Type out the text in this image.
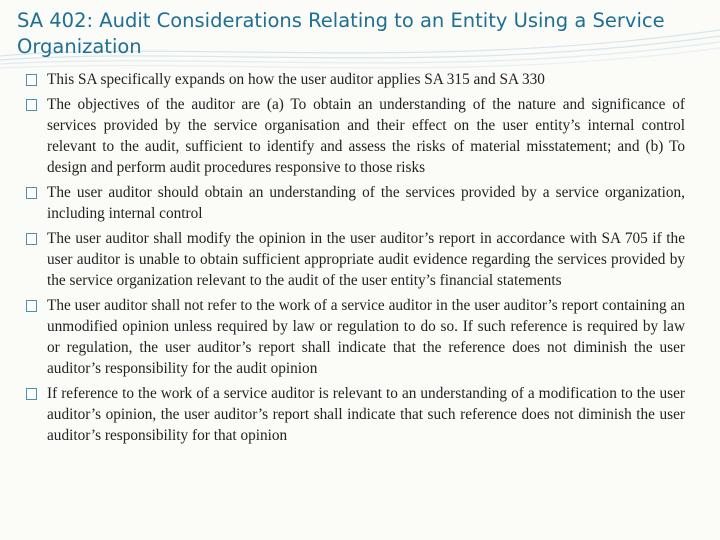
SA 402: Audit Considerations Relating to an Entity Using a Service Organization
This SA specifically expands on how the user auditor applies SA 315 and SA 330
The objectives of the auditor are (a) To obtain an understanding of the nature and significance of services provided by the service organisation and their effect on the user entity’s internal control relevant to the audit, sufficient to identify and assess the risks of material misstatement; and (b) To design and perform audit procedures responsive to those risks
The user auditor should obtain an understanding of the services provided by a service organization, including internal control
The user auditor shall modify the opinion in the user auditor’s report in accordance with SA 705 if the user auditor is unable to obtain sufficient appropriate audit evidence regarding the services provided by the service organization relevant to the audit of the user entity’s financial statements
The user auditor shall not refer to the work of a service auditor in the user auditor’s report containing an unmodified opinion unless required by law or regulation to do so. If such reference is required by law or regulation, the user auditor’s report shall indicate that the reference does not diminish the user auditor’s responsibility for the audit opinion
If reference to the work of a service auditor is relevant to an understanding of a modification to the user auditor’s opinion, the user auditor’s report shall indicate that such reference does not diminish the user auditor’s responsibility for that opinion
